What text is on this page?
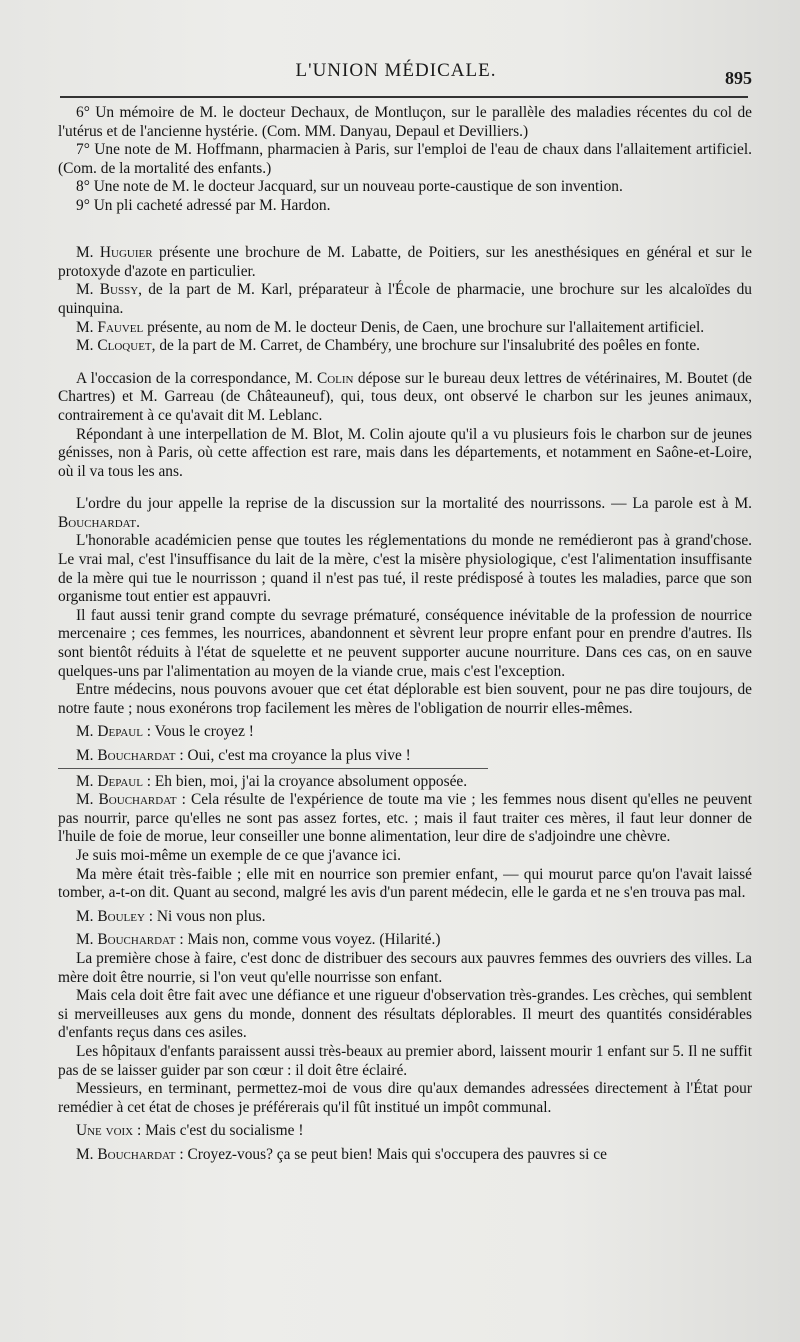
L'UNION MÉDICALE.	895

6° Un mémoire de M. le docteur Dechaux, de Montluçon, sur le parallèle des maladies récentes du col de l'utérus et de l'ancienne hystérie. (Com. MM. Danyau, Depaul et Devilliers.)

7° Une note de M. Hoffmann, pharmacien à Paris, sur l'emploi de l'eau de chaux dans l'allaitement artificiel. (Com. de la mortalité des enfants.)

8° Une note de M. le docteur Jacquard, sur un nouveau porte-caustique de son invention.

9° Un pli cacheté adressé par M. Hardon.

M. Huguier présente une brochure de M. Labatte, de Poitiers, sur les anesthésiques en général et sur le protoxyde d'azote en particulier.

M. Bussy, de la part de M. Karl, préparateur à l'École de pharmacie, une brochure sur les alcaloïdes du quinquina.

M. Fauvel présente, au nom de M. le docteur Denis, de Caen, une brochure sur l'allaitement artificiel.

M. Cloquet, de la part de M. Carret, de Chambéry, une brochure sur l'insalubrité des poêles en fonte.

A l'occasion de la correspondance, M. Colin dépose sur le bureau deux lettres de vétérinaires, M. Boutet (de Chartres) et M. Garreau (de Châteauneuf), qui, tous deux, ont observé le charbon sur les jeunes animaux, contrairement à ce qu'avait dit M. Leblanc.

Répondant à une interpellation de M. Blot, M. Colin ajoute qu'il a vu plusieurs fois le charbon sur de jeunes génisses, non à Paris, où cette affection est rare, mais dans les départements, et notamment en Saône-et-Loire, où il va tous les ans.

L'ordre du jour appelle la reprise de la discussion sur la mortalité des nourrissons. — La parole est à M. Bouchardat.

L'honorable académicien pense que toutes les réglementations du monde ne remédieront pas à grand'chose. Le vrai mal, c'est l'insuffisance du lait de la mère, c'est la misère physiologique, c'est l'alimentation insuffisante de la mère qui tue le nourrisson ; quand il n'est pas tué, il reste prédisposé à toutes les maladies, parce que son organisme tout entier est appauvri.

Il faut aussi tenir grand compte du sevrage prématuré, conséquence inévitable de la profession de nourrice mercenaire ; ces femmes, les nourrices, abandonnent et sèvrent leur propre enfant pour en prendre d'autres. Ils sont bientôt réduits à l'état de squelette et ne peuvent supporter aucune nourriture. Dans ces cas, on en sauve quelques-uns par l'alimentation au moyen de la viande crue, mais c'est l'exception.

Entre médecins, nous pouvons avouer que cet état déplorable est bien souvent, pour ne pas dire toujours, de notre faute ; nous exonérons trop facilement les mères de l'obligation de nourrir elles-mêmes.

M. Depaul : Vous le croyez !

M. Bouchardat : Oui, c'est ma croyance la plus vive !

M. Depaul : Eh bien, moi, j'ai la croyance absolument opposée.

M. Bouchardat : Cela résulte de l'expérience de toute ma vie ; les femmes nous disent qu'elles ne peuvent pas nourrir, parce qu'elles ne sont pas assez fortes, etc. ; mais il faut traiter ces mères, il faut leur donner de l'huile de foie de morue, leur conseiller une bonne alimentation, leur dire de s'adjoindre une chèvre.

Je suis moi-même un exemple de ce que j'avance ici.

Ma mère était très-faible ; elle mit en nourrice son premier enfant, — qui mourut parce qu'on l'avait laissé tomber, a-t-on dit. Quant au second, malgré les avis d'un parent médecin, elle le garda et ne s'en trouva pas mal.

M. Bouley : Ni vous non plus.

M. Bouchardat : Mais non, comme vous voyez. (Hilarité.)

La première chose à faire, c'est donc de distribuer des secours aux pauvres femmes des ouvriers des villes. La mère doit être nourrie, si l'on veut qu'elle nourrisse son enfant.

Mais cela doit être fait avec une défiance et une rigueur d'observation très-grandes. Les crèches, qui semblent si merveilleuses aux gens du monde, donnent des résultats déplorables. Il meurt des quantités considérables d'enfants reçus dans ces asiles.

Les hôpitaux d'enfants paraissent aussi très-beaux au premier abord, laissent mourir 1 enfant sur 5. Il ne suffit pas de se laisser guider par son cœur : il doit être éclairé.

Messieurs, en terminant, permettez-moi de vous dire qu'aux demandes adressées directement à l'État pour remédier à cet état de choses je préférerais qu'il fût institué un impôt communal.

Une voix : Mais c'est du socialisme !

M. Bouchardat : Croyez-vous? ça se peut bien! Mais qui s'occupera des pauvres si ce
